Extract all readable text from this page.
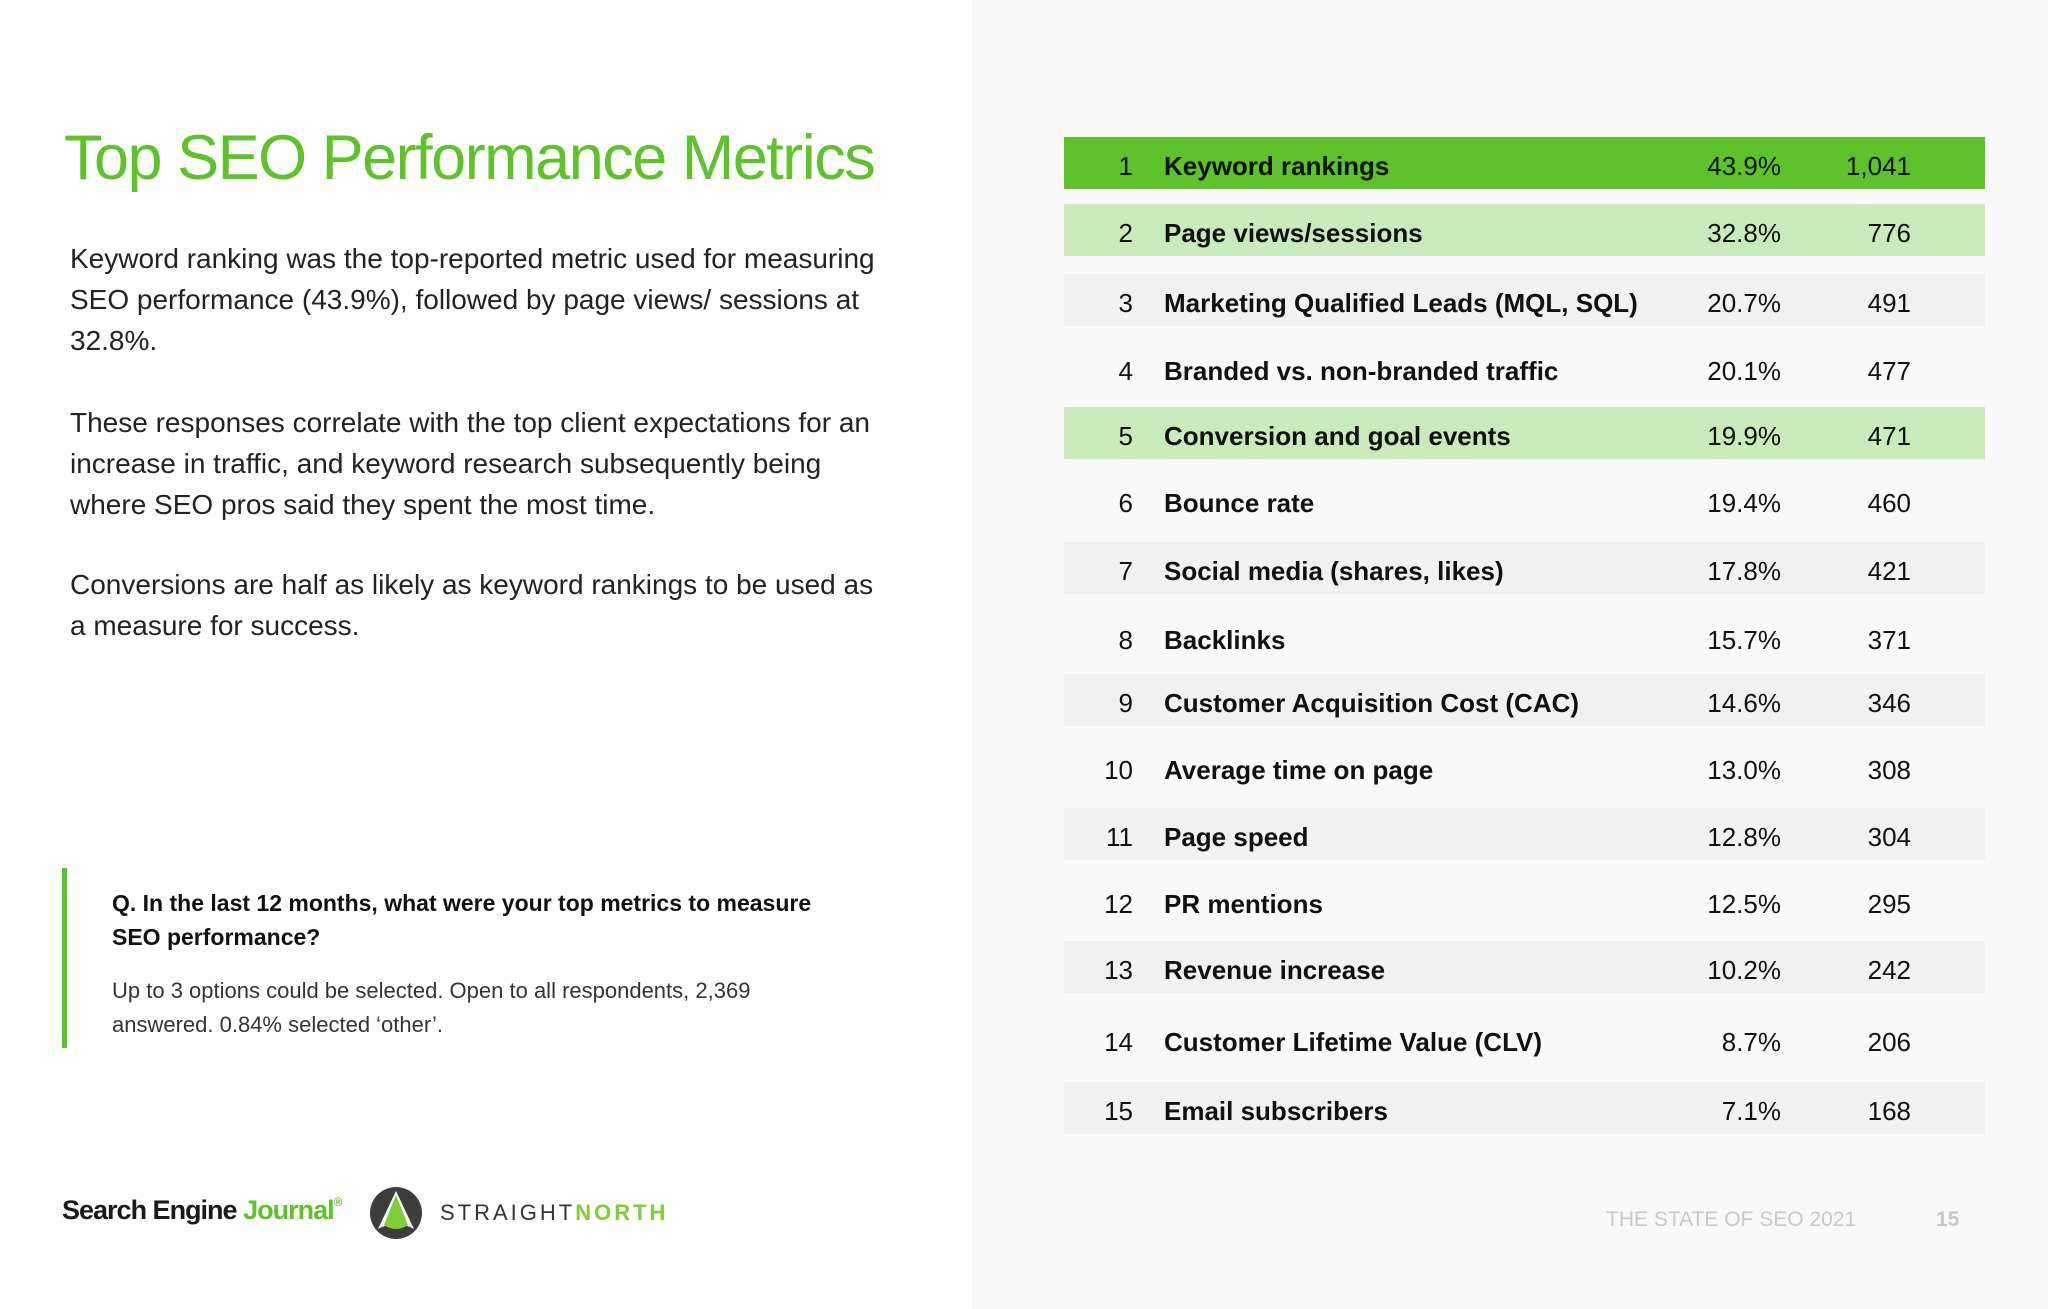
Top SEO Performance Metrics

Keyword ranking was the top-reported metric used for measuring SEO performance (43.9%), followed by page views/ sessions at 32.8%.

These responses correlate with the top client expectations for an increase in traffic, and keyword research subsequently being where SEO pros said they spent the most time.

Conversions are half as likely as keyword rankings to be used as a measure for success.

Q. In the last 12 months, what were your top metrics to measure SEO performance?
Up to 3 options could be selected. Open to all respondents, 2,369 answered. 0.84% selected ‘other’.
1 Keyword rankings	43.9% 1,041
2 Page views/sessions	32.8%	776
3 Marketing Qualified Leads (MQL, SQL)	20.7%	491
4 Branded vs. non-branded traffic	20.1%	477
5 Conversion and goal events	19.9%	471
6 Bounce rate	19.4%	460
7 Social media (shares, likes)	17.8%	421
8 Backlinks	15.7%	371
9 Customer Acquisition Cost (CAC)	14.6%	346
10 Average time on page	13.0%	308
11 Page speed	12.8%	304
12 PR mentions	12.5%	295
13 Revenue increase	10.2%	242
14 Customer Lifetime Value (CLV)	8.7%	206
15 Email subscribers	7.1%	168
Search Engine Journal®	STRAIGHTNORTH	THE STATE OF SEO 2021	15
